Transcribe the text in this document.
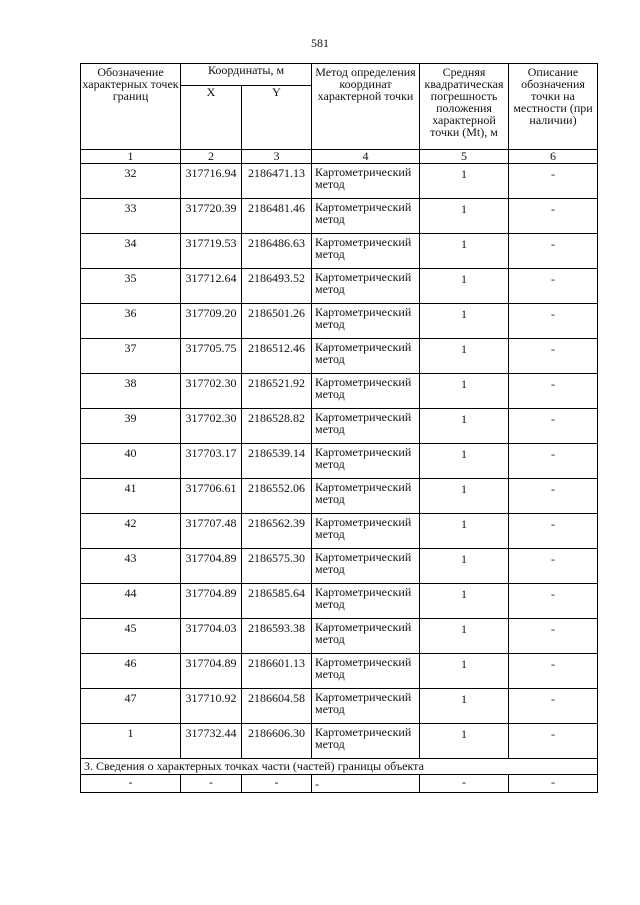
581
Обозначение характерных точек границ	Координаты, м		Метод определения координат характерной точки	Средняя квадратическая погрешность положения характерной точки (Mt), м	Описание обозначения точки на местности (при наличии)
	X	Y			
1	2	3	4	5	6
32	317716.94	2186471.13	Картометрический метод	1	-
33	317720.39	2186481.46	Картометрический метод	1	-
34	317719.53	2186486.63	Картометрический метод	1	-
35	317712.64	2186493.52	Картометрический метод	1	-
36	317709.20	2186501.26	Картометрический метод	1	-
37	317705.75	2186512.46	Картометрический метод	1	-
38	317702.30	2186521.92	Картометрический метод	1	-
39	317702.30	2186528.82	Картометрический метод	1	-
40	317703.17	2186539.14	Картометрический метод	1	-
41	317706.61	2186552.06	Картометрический метод	1	-
42	317707.48	2186562.39	Картометрический метод	1	-
43	317704.89	2186575.30	Картометрический метод	1	-
44	317704.89	2186585.64	Картометрический метод	1	-
45	317704.03	2186593.38	Картометрический метод	1	-
46	317704.89	2186601.13	Картометрический метод	1	-
47	317710.92	2186604.58	Картометрический метод	1	-
1	317732.44	2186606.30	Картометрический метод	1	-
3. Сведения о характерных точках части (частей) границы объекта					
-	-	-	-	-	-
